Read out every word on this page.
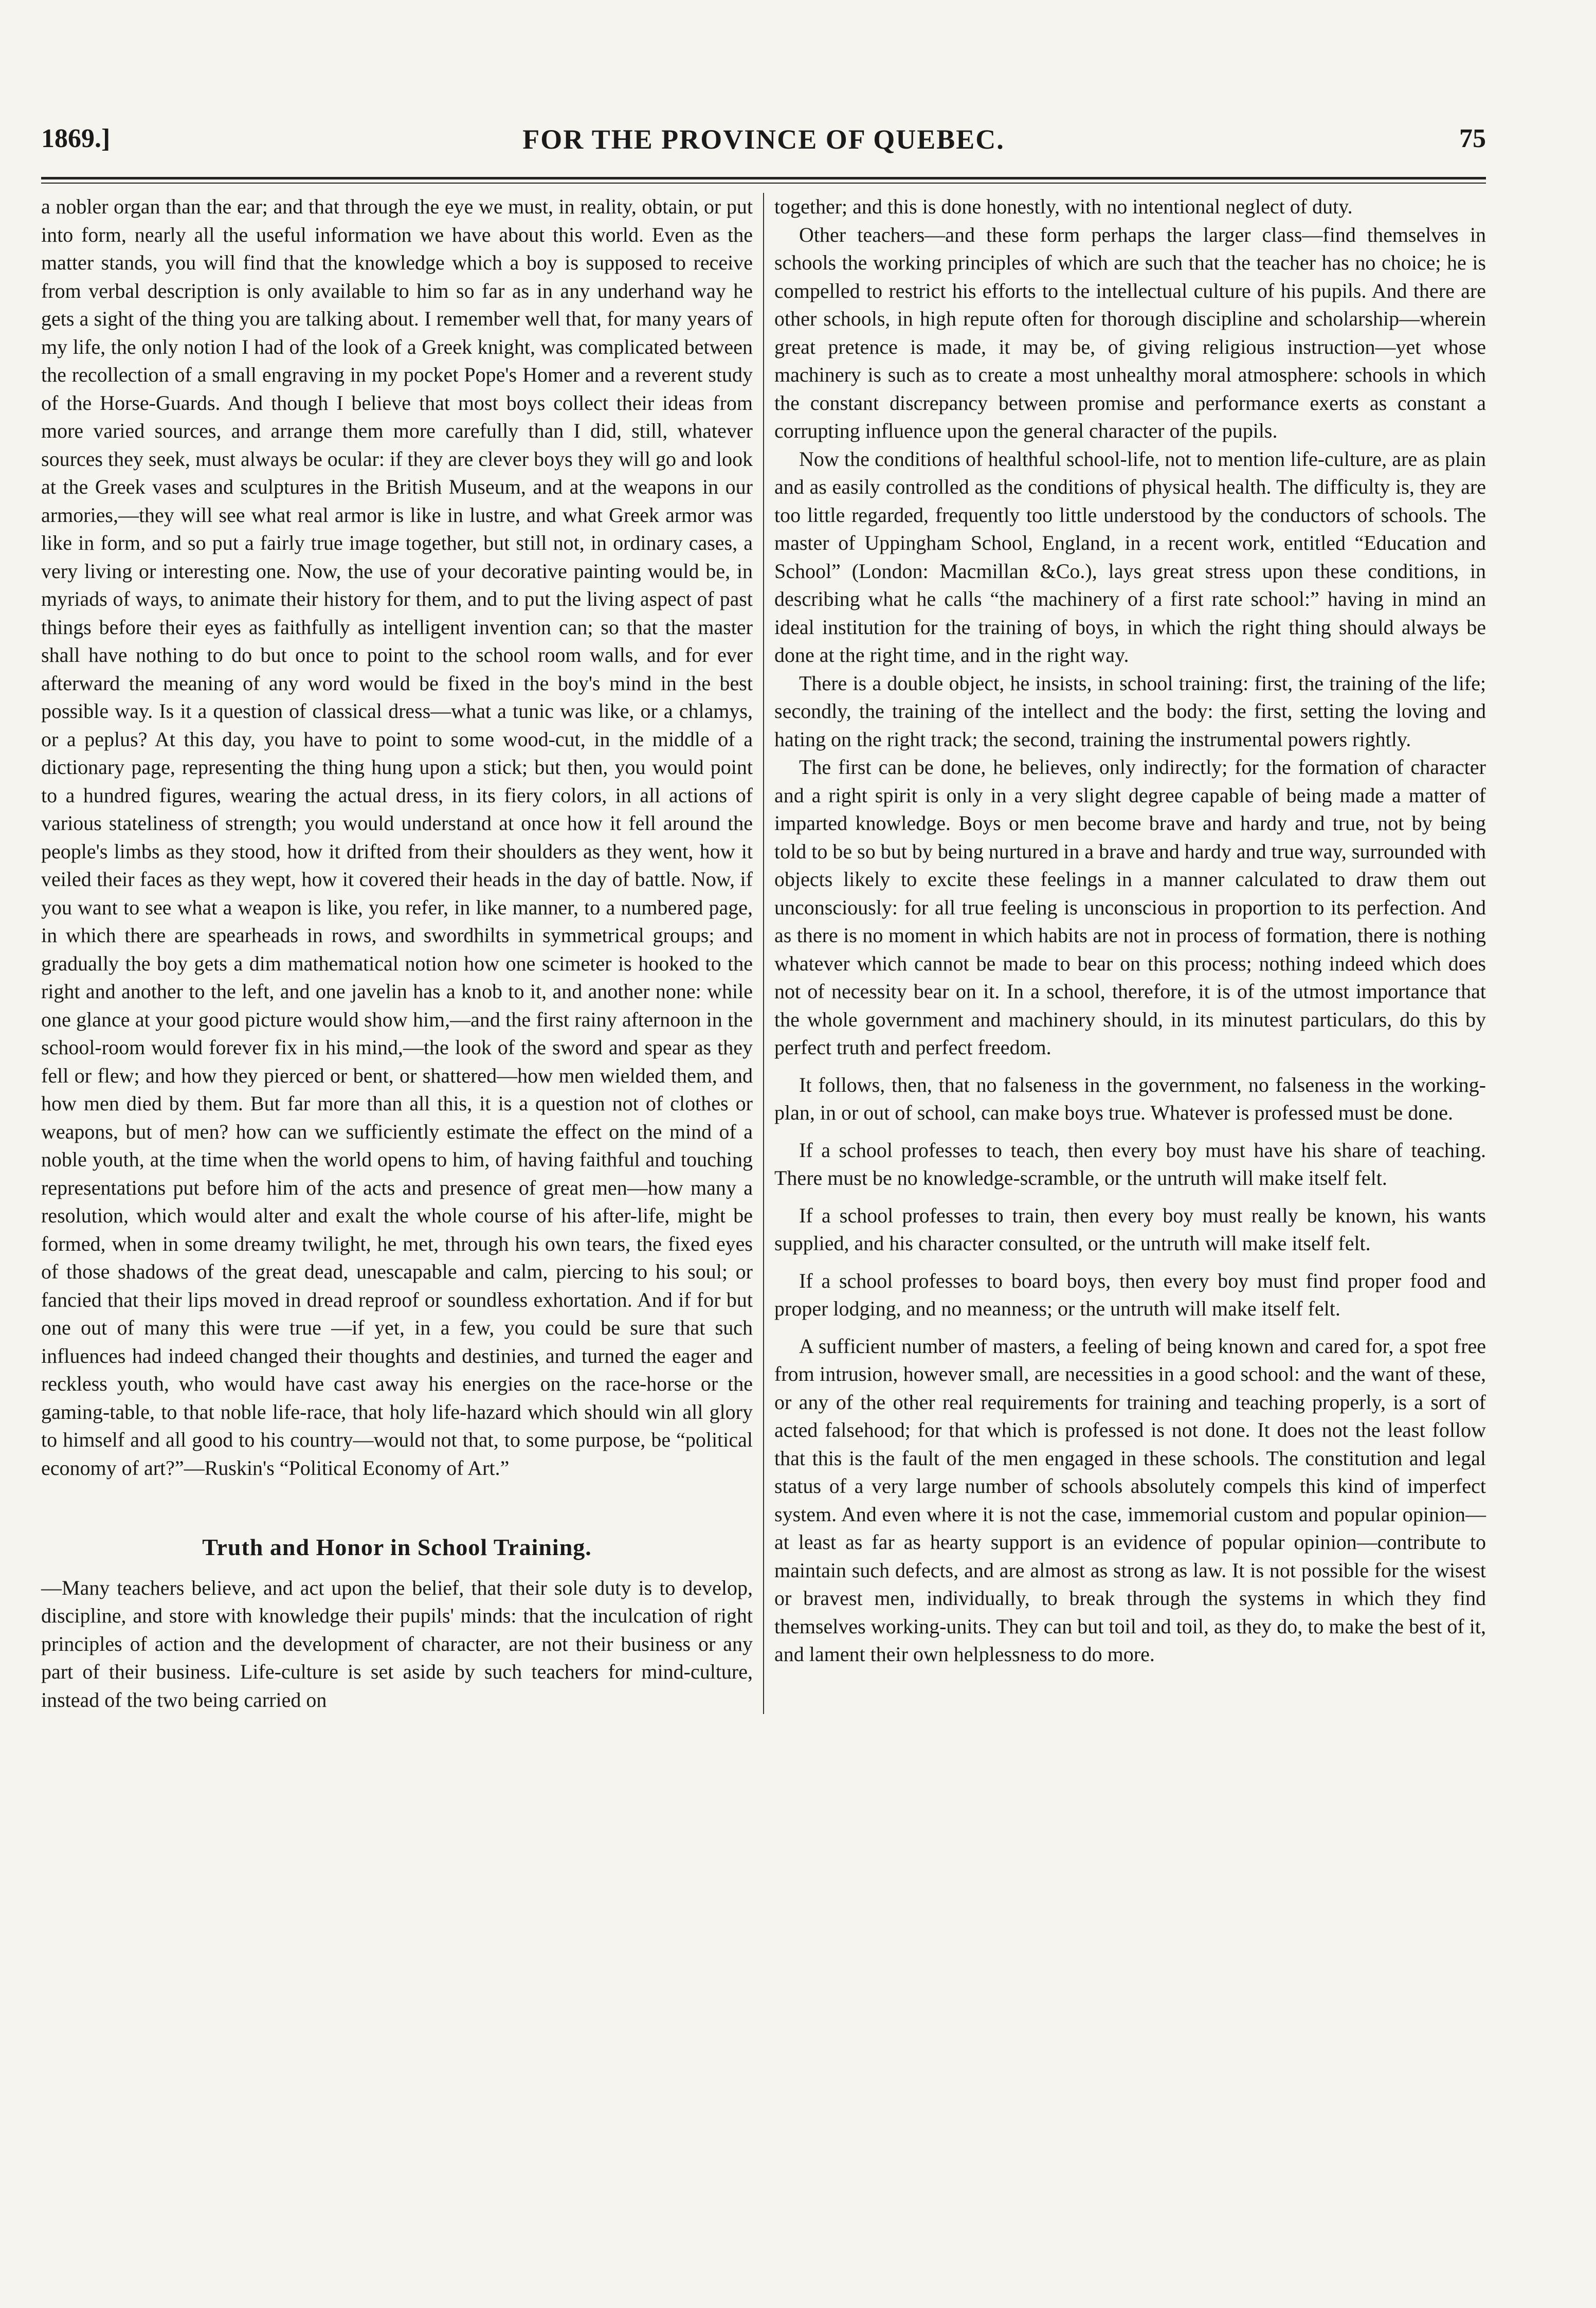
1869.]	FOR THE PROVINCE OF QUEBEC.	75

a nobler organ than the ear; and that through the eye we must, in reality, obtain, or put into form, nearly all the useful information we have about this world. Even as the matter stands, you will find that the knowledge which a boy is supposed to receive from verbal description is only available to him so far as in any underhand way he gets a sight of the thing you are talking about. I remember well that, for many years of my life, the only notion I had of the look of a Greek knight, was complicated between the recollection of a small engraving in my pocket Pope's Homer and a reverent study of the Horse-Guards. And though I believe that most boys collect their ideas from more varied sources, and arrange them more carefully than I did, still, whatever sources they seek, must always be ocular: if they are clever boys they will go and look at the Greek vases and sculptures in the British Museum, and at the weapons in our armories,—they will see what real armor is like in lustre, and what Greek armor was like in form, and so put a fairly true image together, but still not, in ordinary cases, a very living or interesting one. Now, the use of your decorative painting would be, in myriads of ways, to animate their history for them, and to put the living aspect of past things before their eyes as faithfully as intelligent invention can; so that the master shall have nothing to do but once to point to the school room walls, and for ever afterward the meaning of any word would be fixed in the boy's mind in the best possible way. Is it a question of classical dress—what a tunic was like, or a chlamys, or a peplus? At this day, you have to point to some wood-cut, in the middle of a dictionary page, representing the thing hung upon a stick; but then, you would point to a hundred figures, wearing the actual dress, in its fiery colors, in all actions of various stateliness of strength; you would understand at once how it fell around the people's limbs as they stood, how it drifted from their shoulders as they went, how it veiled their faces as they wept, how it covered their heads in the day of battle. Now, if you want to see what a weapon is like, you refer, in like manner, to a numbered page, in which there are spearheads in rows, and swordhilts in symmetrical groups; and gradually the boy gets a dim mathematical notion how one scimeter is hooked to the right and another to the left, and one javelin has a knob to it, and another none: while one glance at your good picture would show him,—and the first rainy afternoon in the school-room would forever fix in his mind,—the look of the sword and spear as they fell or flew; and how they pierced or bent, or shattered—how men wielded them, and how men died by them. But far more than all this, it is a question not of clothes or weapons, but of men? how can we sufficiently estimate the effect on the mind of a noble youth, at the time when the world opens to him, of having faithful and touching representations put before him of the acts and presence of great men—how many a resolution, which would alter and exalt the whole course of his after-life, might be formed, when in some dreamy twilight, he met, through his own tears, the fixed eyes of those shadows of the great dead, unescapable and calm, piercing to his soul; or fancied that their lips moved in dread reproof or soundless exhortation. And if for but one out of many this were true —if yet, in a few, you could be sure that such influences had indeed changed their thoughts and destinies, and turned the eager and reckless youth, who would have cast away his energies on the race-horse or the gaming-table, to that noble life-race, that holy life-hazard which should win all glory to himself and all good to his country—would not that, to some purpose, be “political economy of art?”—Ruskin's “Political Economy of Art.”

Truth and Honor in School Training.

—Many teachers believe, and act upon the belief, that their sole duty is to develop, discipline, and store with knowledge their pupils' minds: that the inculcation of right principles of action and the development of character, are not their business or any part of their business. Life-culture is set aside by such teachers for mind-culture, instead of the two being carried on

together; and this is done honestly, with no intentional neglect of duty.

Other teachers—and these form perhaps the larger class—find themselves in schools the working principles of which are such that the teacher has no choice; he is compelled to restrict his efforts to the intellectual culture of his pupils. And there are other schools, in high repute often for thorough discipline and scholarship—wherein great pretence is made, it may be, of giving religious instruction—yet whose machinery is such as to create a most unhealthy moral atmosphere: schools in which the constant discrepancy between promise and performance exerts as constant a corrupting influence upon the general character of the pupils.

Now the conditions of healthful school-life, not to mention life-culture, are as plain and as easily controlled as the conditions of physical health. The difficulty is, they are too little regarded, frequently too little understood by the conductors of schools. The master of Uppingham School, England, in a recent work, entitled “Education and School” (London: Macmillan &Co.), lays great stress upon these conditions, in describing what he calls “the machinery of a first rate school:” having in mind an ideal institution for the training of boys, in which the right thing should always be done at the right time, and in the right way.

There is a double object, he insists, in school training: first, the training of the life; secondly, the training of the intellect and the body: the first, setting the loving and hating on the right track; the second, training the instrumental powers rightly.

The first can be done, he believes, only indirectly; for the formation of character and a right spirit is only in a very slight degree capable of being made a matter of imparted knowledge. Boys or men become brave and hardy and true, not by being told to be so but by being nurtured in a brave and hardy and true way, surrounded with objects likely to excite these feelings in a manner calculated to draw them out unconsciously: for all true feeling is unconscious in proportion to its perfection. And as there is no moment in which habits are not in process of formation, there is nothing whatever which cannot be made to bear on this process; nothing indeed which does not of necessity bear on it. In a school, therefore, it is of the utmost importance that the whole government and machinery should, in its minutest particulars, do this by perfect truth and perfect freedom.

It follows, then, that no falseness in the government, no falseness in the working-plan, in or out of school, can make boys true. Whatever is professed must be done.

If a school professes to teach, then every boy must have his share of teaching. There must be no knowledge-scramble, or the untruth will make itself felt.

If a school professes to train, then every boy must really be known, his wants supplied, and his character consulted, or the untruth will make itself felt.

If a school professes to board boys, then every boy must find proper food and proper lodging, and no meanness; or the untruth will make itself felt.

A sufficient number of masters, a feeling of being known and cared for, a spot free from intrusion, however small, are necessities in a good school: and the want of these, or any of the other real requirements for training and teaching properly, is a sort of acted falsehood; for that which is professed is not done. It does not the least follow that this is the fault of the men engaged in these schools. The constitution and legal status of a very large number of schools absolutely compels this kind of imperfect system. And even where it is not the case, immemorial custom and popular opinion—at least as far as hearty support is an evidence of popular opinion—contribute to maintain such defects, and are almost as strong as law. It is not possible for the wisest or bravest men, individually, to break through the systems in which they find themselves working-units. They can but toil and toil, as they do, to make the best of it, and lament their own helplessness to do more.
